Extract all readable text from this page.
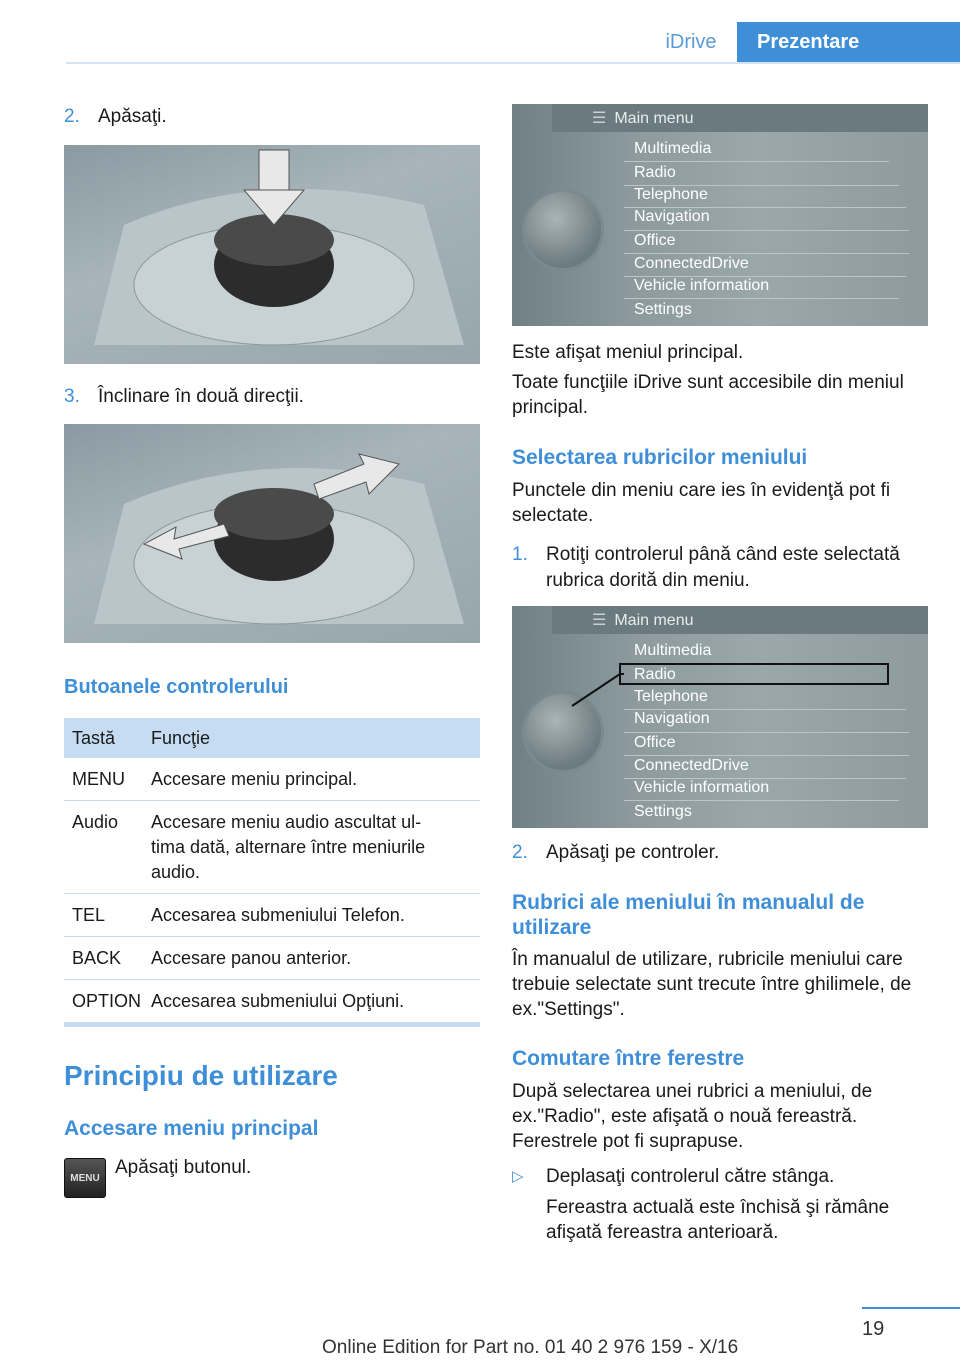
iDrive	Prezentare
2. Apăsaţi.
3. Înclinare în două direcţii.
Butoanele controlerului
Tastă	Funcţie
MENU	Accesare meniu principal.
Audio	Accesare meniu audio ascultat ul-
tima dată, alternare între meniurile
audio.
TEL	Accesarea submeniului Telefon.
BACK	Accesare panou anterior.
OPTION Accesarea submeniului Opţiuni.
Principiu de utilizare
Accesare meniu principal
MENU Apăsaţi butonul.
☰ Main menu
Multimedia
Radio
Telephone
Navigation
Office
ConnectedDrive
Vehicle information
Settings
Este afişat meniul principal.
Toate funcţiile iDrive sunt accesibile din meniul principal.
Selectarea rubricilor meniului
Punctele din meniu care ies în evidenţă pot fi selectate.
1. Rotiţi controlerul până când este selectată rubrica dorită din meniu.
☰ Main menu
Multimedia
Radio
Telephone
Navigation
Office
ConnectedDrive
Vehicle information
Settings
2. Apăsaţi pe controler.
Rubrici ale meniului în manualul de utilizare
În manualul de utilizare, rubricile meniului care trebuie selectate sunt trecute între ghilimele, de ex."Settings".
Comutare între ferestre
După selectarea unei rubrici a meniului, de ex."Radio", este afişată o nouă fereastră. Ferestrele pot fi suprapuse.
▷ Deplasaţi controlerul către stânga.
Fereastra actuală este închisă şi rămâne afişată fereastra anterioară.
19
Online Edition for Part no. 01 40 2 976 159 - X/16
